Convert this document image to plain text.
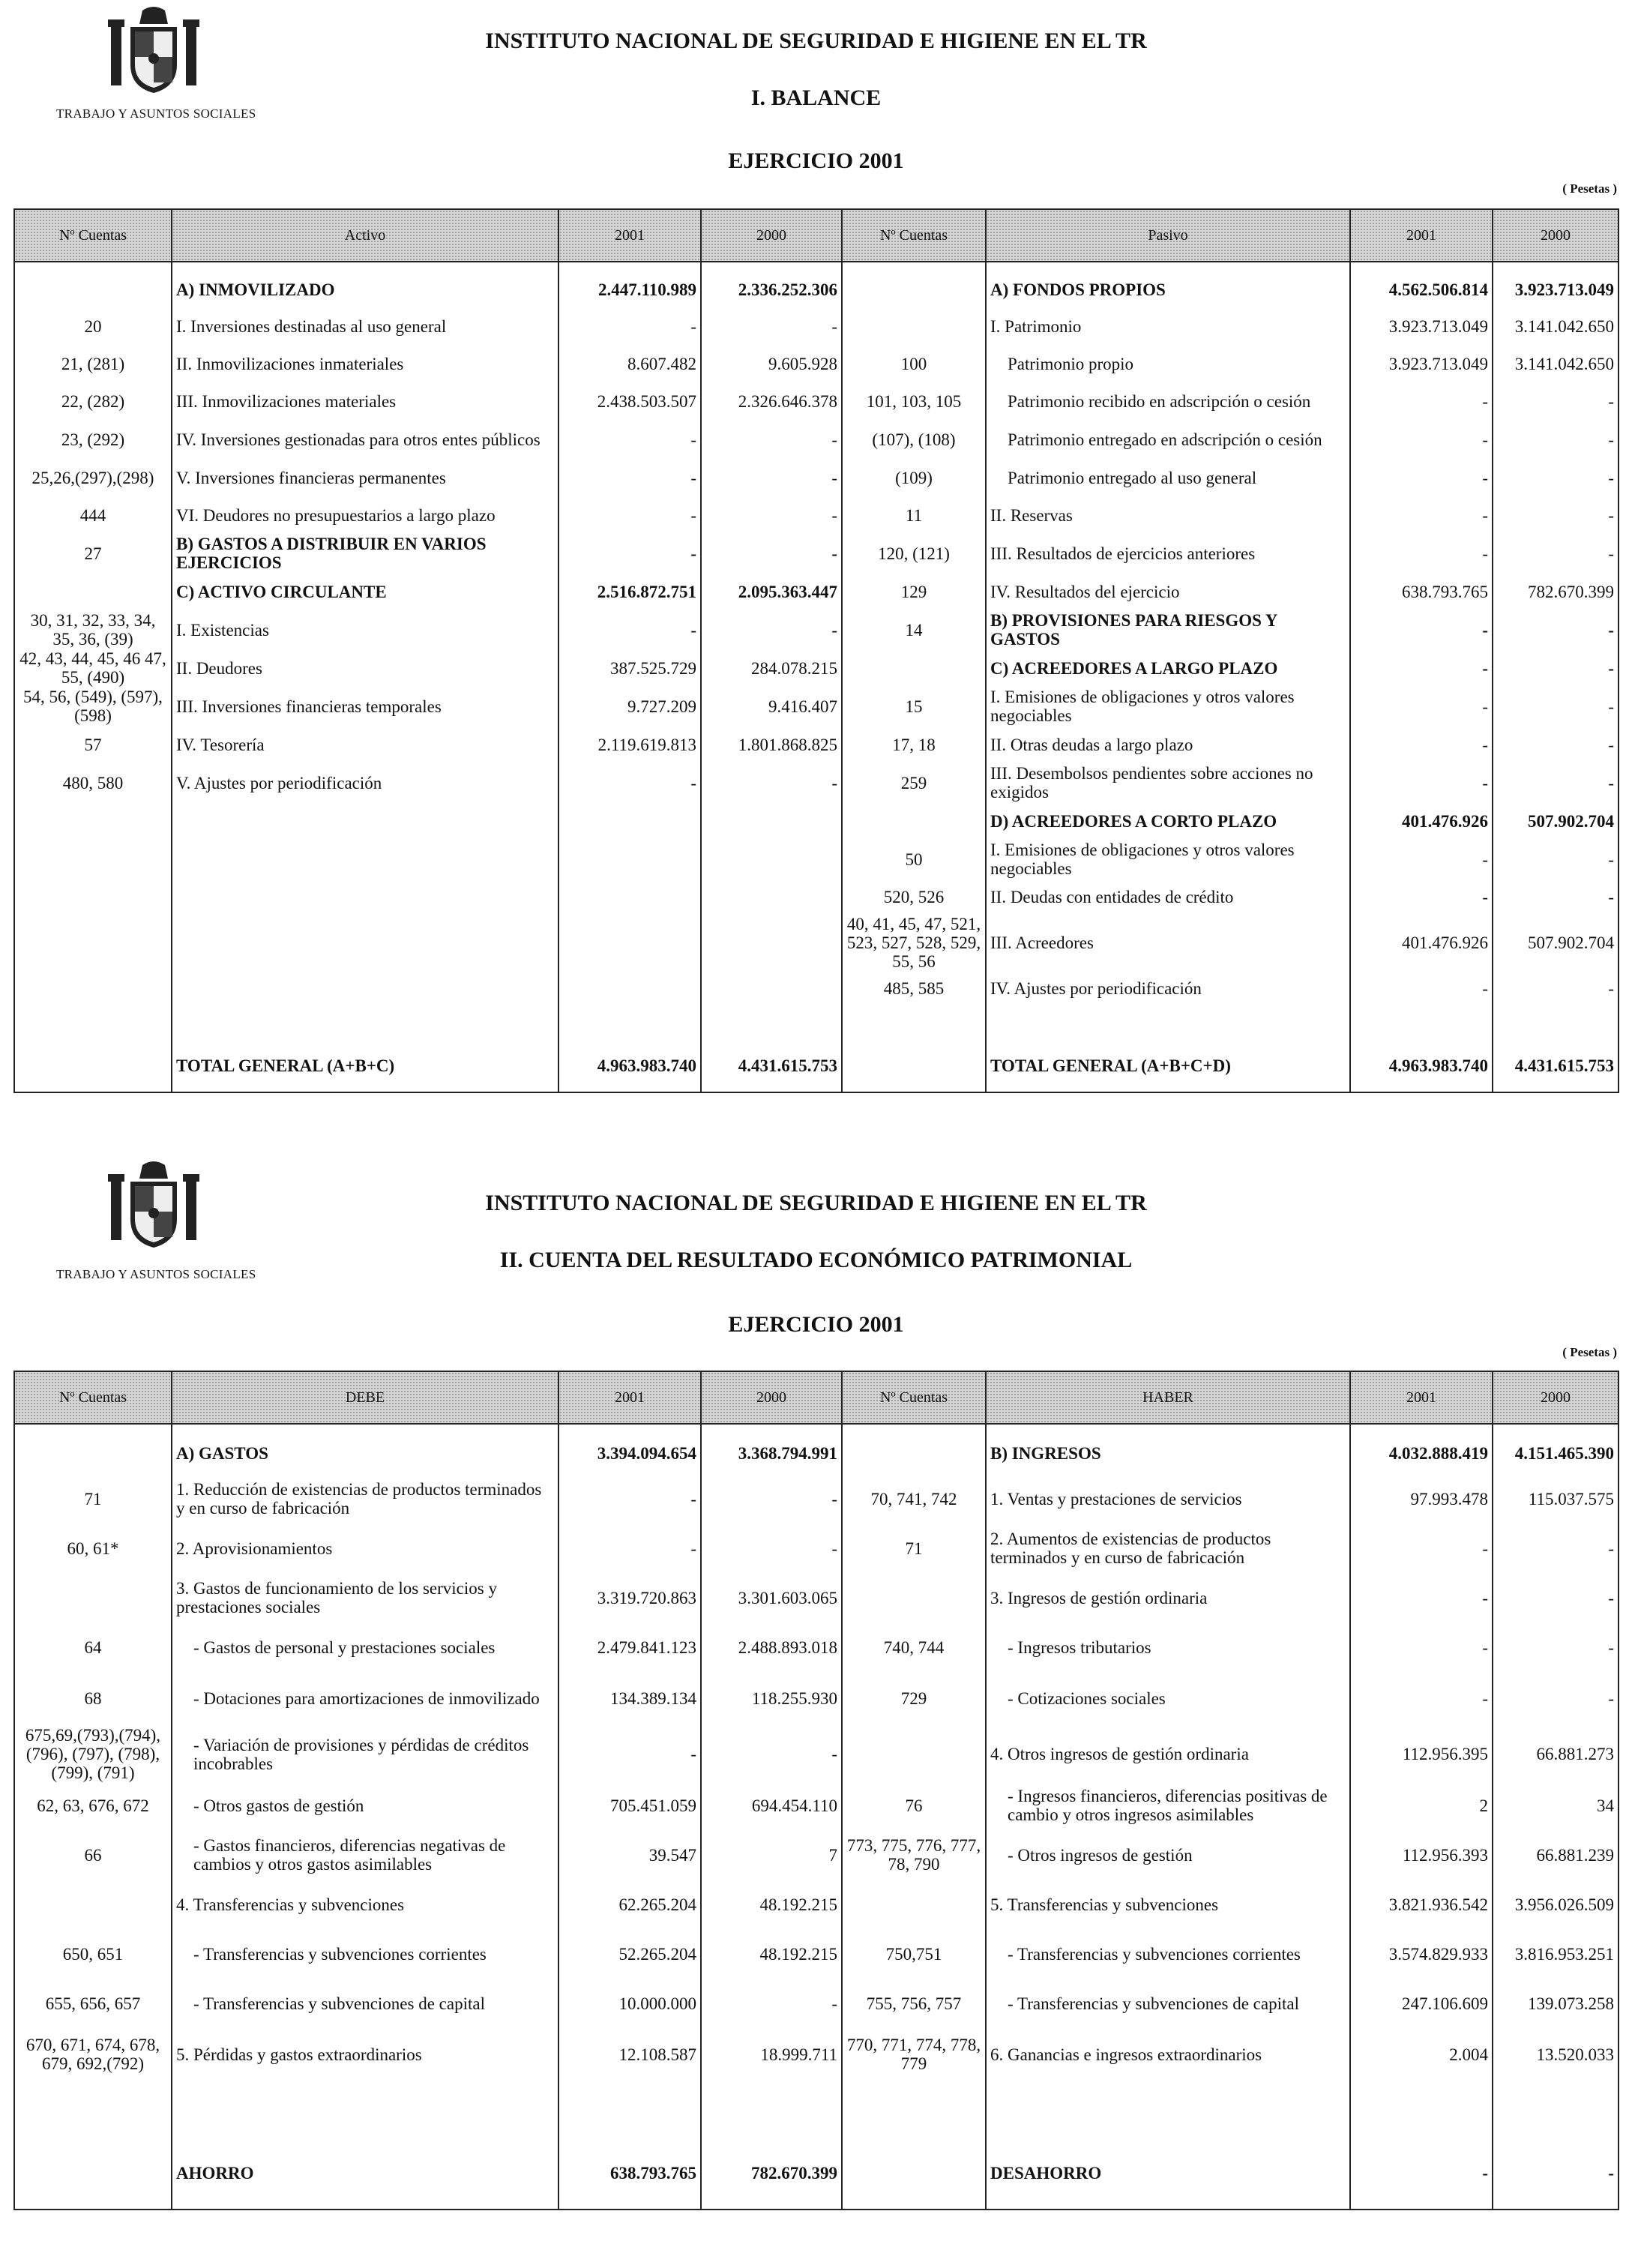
TRABAJO Y ASUNTOS SOCIALES
INSTITUTO NACIONAL DE SEGURIDAD E HIGIENE EN EL TR
I. BALANCE
EJERCICIO 2001
( Pesetas )
Nº Cuentas	Activo	2001	2000	Nº Cuentas	Pasivo	2001	2000

	A) INMOVILIZADO	2.447.110.989	2.336.252.306		A) FONDOS PROPIOS	4.562.506.814	3.923.713.049
20	I. Inversiones destinadas al uso general	-	-		I. Patrimonio	3.923.713.049	3.141.042.650
21, (281)	II. Inmovilizaciones inmateriales	8.607.482	9.605.928	100	Patrimonio propio	3.923.713.049	3.141.042.650
22, (282)	III. Inmovilizaciones materiales	2.438.503.507	2.326.646.378	101, 103, 105	Patrimonio recibido en adscripción o cesión	-	-
23, (292)	IV. Inversiones gestionadas para otros entes públicos	-	-	(107), (108)	Patrimonio entregado en adscripción o cesión	-	-
25,26,(297),(298)	V. Inversiones financieras permanentes	-	-	(109)	Patrimonio entregado al uso general	-	-
444	VI. Deudores no presupuestarios a largo plazo	-	-	11	II. Reservas	-	-
27	B) GASTOS A DISTRIBUIR EN VARIOS EJERCICIOS	-	-	120, (121)	III. Resultados de ejercicios anteriores	-	-
	C) ACTIVO CIRCULANTE	2.516.872.751	2.095.363.447	129	IV. Resultados del ejercicio	638.793.765	782.670.399
30, 31, 32, 33, 34, 35, 36, (39)	I. Existencias	-	-	14	B) PROVISIONES PARA RIESGOS Y GASTOS	-	-
42, 43, 44, 45, 46 47, 55, (490)	II. Deudores	387.525.729	284.078.215		C) ACREEDORES A LARGO PLAZO	-	-
54, 56, (549), (597), (598)	III. Inversiones financieras temporales	9.727.209	9.416.407	15	I. Emisiones de obligaciones y otros valores negociables	-	-
57	IV. Tesorería	2.119.619.813	1.801.868.825	17, 18	II. Otras deudas a largo plazo	-	-
480, 580	V. Ajustes por periodificación	-	-	259	III. Desembolsos pendientes sobre acciones no exigidos	-	-
					D) ACREEDORES A CORTO PLAZO	401.476.926	507.902.704
				50	I. Emisiones de obligaciones y otros valores negociables	-	-
				520, 526	II. Deudas con entidades de crédito	-	-
				40, 41, 45, 47, 521, 523, 527, 528, 529, 55, 56	III. Acreedores	401.476.926	507.902.704
				485, 585	IV. Ajustes por periodificación	-	-

	TOTAL GENERAL (A+B+C)	4.963.983.740	4.431.615.753		TOTAL GENERAL (A+B+C+D)	4.963.983.740	4.431.615.753
TRABAJO Y ASUNTOS SOCIALES
INSTITUTO NACIONAL DE SEGURIDAD E HIGIENE EN EL TR
II. CUENTA DEL RESULTADO ECONÓMICO PATRIMONIAL
EJERCICIO 2001
( Pesetas )
Nº Cuentas	DEBE	2001	2000	Nº Cuentas	HABER	2001	2000

	A) GASTOS	3.394.094.654	3.368.794.991		B) INGRESOS	4.032.888.419	4.151.465.390
71	1. Reducción de existencias de productos terminados y en curso de fabricación	-	-	70, 741, 742	1. Ventas y prestaciones de servicios	97.993.478	115.037.575
60, 61*	2. Aprovisionamientos	-	-	71	2. Aumentos de existencias de productos terminados y en curso de fabricación	-	-
	3. Gastos de funcionamiento de los servicios y prestaciones sociales	3.319.720.863	3.301.603.065		3. Ingresos de gestión ordinaria	-	-
64	- Gastos de personal y prestaciones sociales	2.479.841.123	2.488.893.018	740, 744	- Ingresos tributarios	-	-
68	- Dotaciones para amortizaciones de inmovilizado	134.389.134	118.255.930	729	- Cotizaciones sociales	-	-
675,69,(793),(794), (796), (797), (798), (799), (791)	- Variación de provisiones y pérdidas de créditos incobrables	-	-		4. Otros ingresos de gestión ordinaria	112.956.395	66.881.273
62, 63, 676, 672	- Otros gastos de gestión	705.451.059	694.454.110	76	- Ingresos financieros, diferencias positivas de cambio y otros ingresos asimilables	2	34
66	- Gastos financieros, diferencias negativas de cambios y otros gastos asimilables	39.547	7	773, 775, 776, 777, 78, 790	- Otros ingresos de gestión	112.956.393	66.881.239
	4. Transferencias y subvenciones	62.265.204	48.192.215		5. Transferencias y subvenciones	3.821.936.542	3.956.026.509
650, 651	- Transferencias y subvenciones corrientes	52.265.204	48.192.215	750,751	- Transferencias y subvenciones corrientes	3.574.829.933	3.816.953.251
655, 656, 657	- Transferencias y subvenciones de capital	10.000.000	-	755, 756, 757	- Transferencias y subvenciones de capital	247.106.609	139.073.258
670, 671, 674, 678, 679, 692,(792)	5. Pérdidas y gastos extraordinarios	12.108.587	18.999.711	770, 771, 774, 778, 779	6. Ganancias e ingresos extraordinarios	2.004	13.520.033

	AHORRO	638.793.765	782.670.399		DESAHORRO	-	-
